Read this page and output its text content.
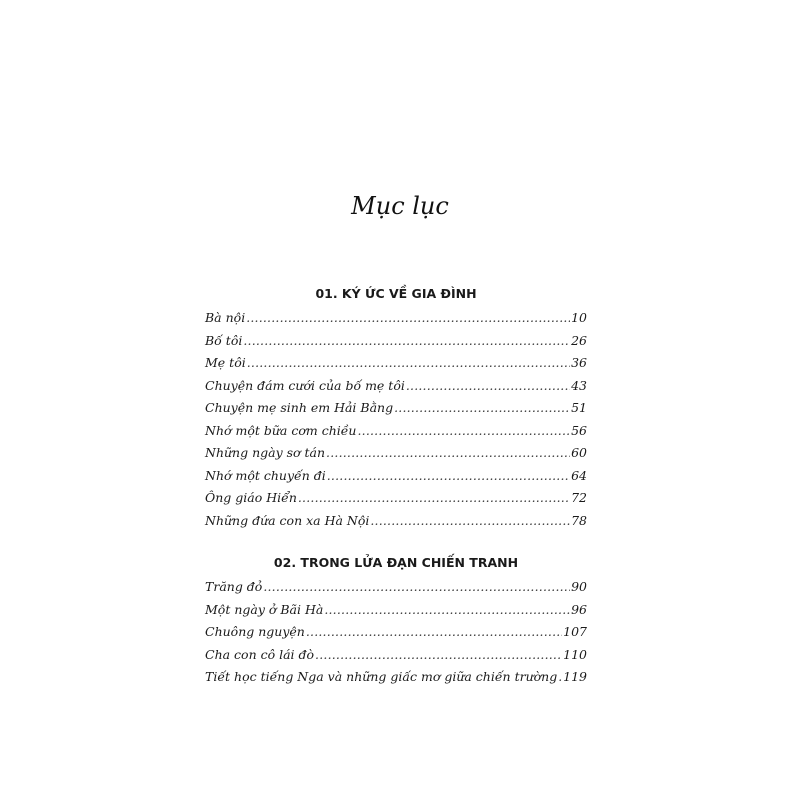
Mục lục
01. KÝ ỨC VỀ GIA ĐÌNH
Bà nội .....	10
Bố tôi .....	26
Mẹ tôi .....	36
Chuyện đám cưới của bố mẹ tôi .....	43
Chuyện mẹ sinh em Hải Bằng .....	51
Nhớ một bữa cơm chiều .....	56
Những ngày sơ tán .....	60
Nhớ một chuyến đi .....	64
Ông giáo Hiển .....	72
Những đứa con xa Hà Nội .....	78
02. TRONG LỬA ĐẠN CHIẾN TRANH
Trăng đỏ .....	90
Một ngày ở Bãi Hà .....	96
Chuông nguyện .....	107
Cha con cô lái đò .....	110
Tiết học tiếng Nga và những giấc mơ giữa chiến trường ..... 119
